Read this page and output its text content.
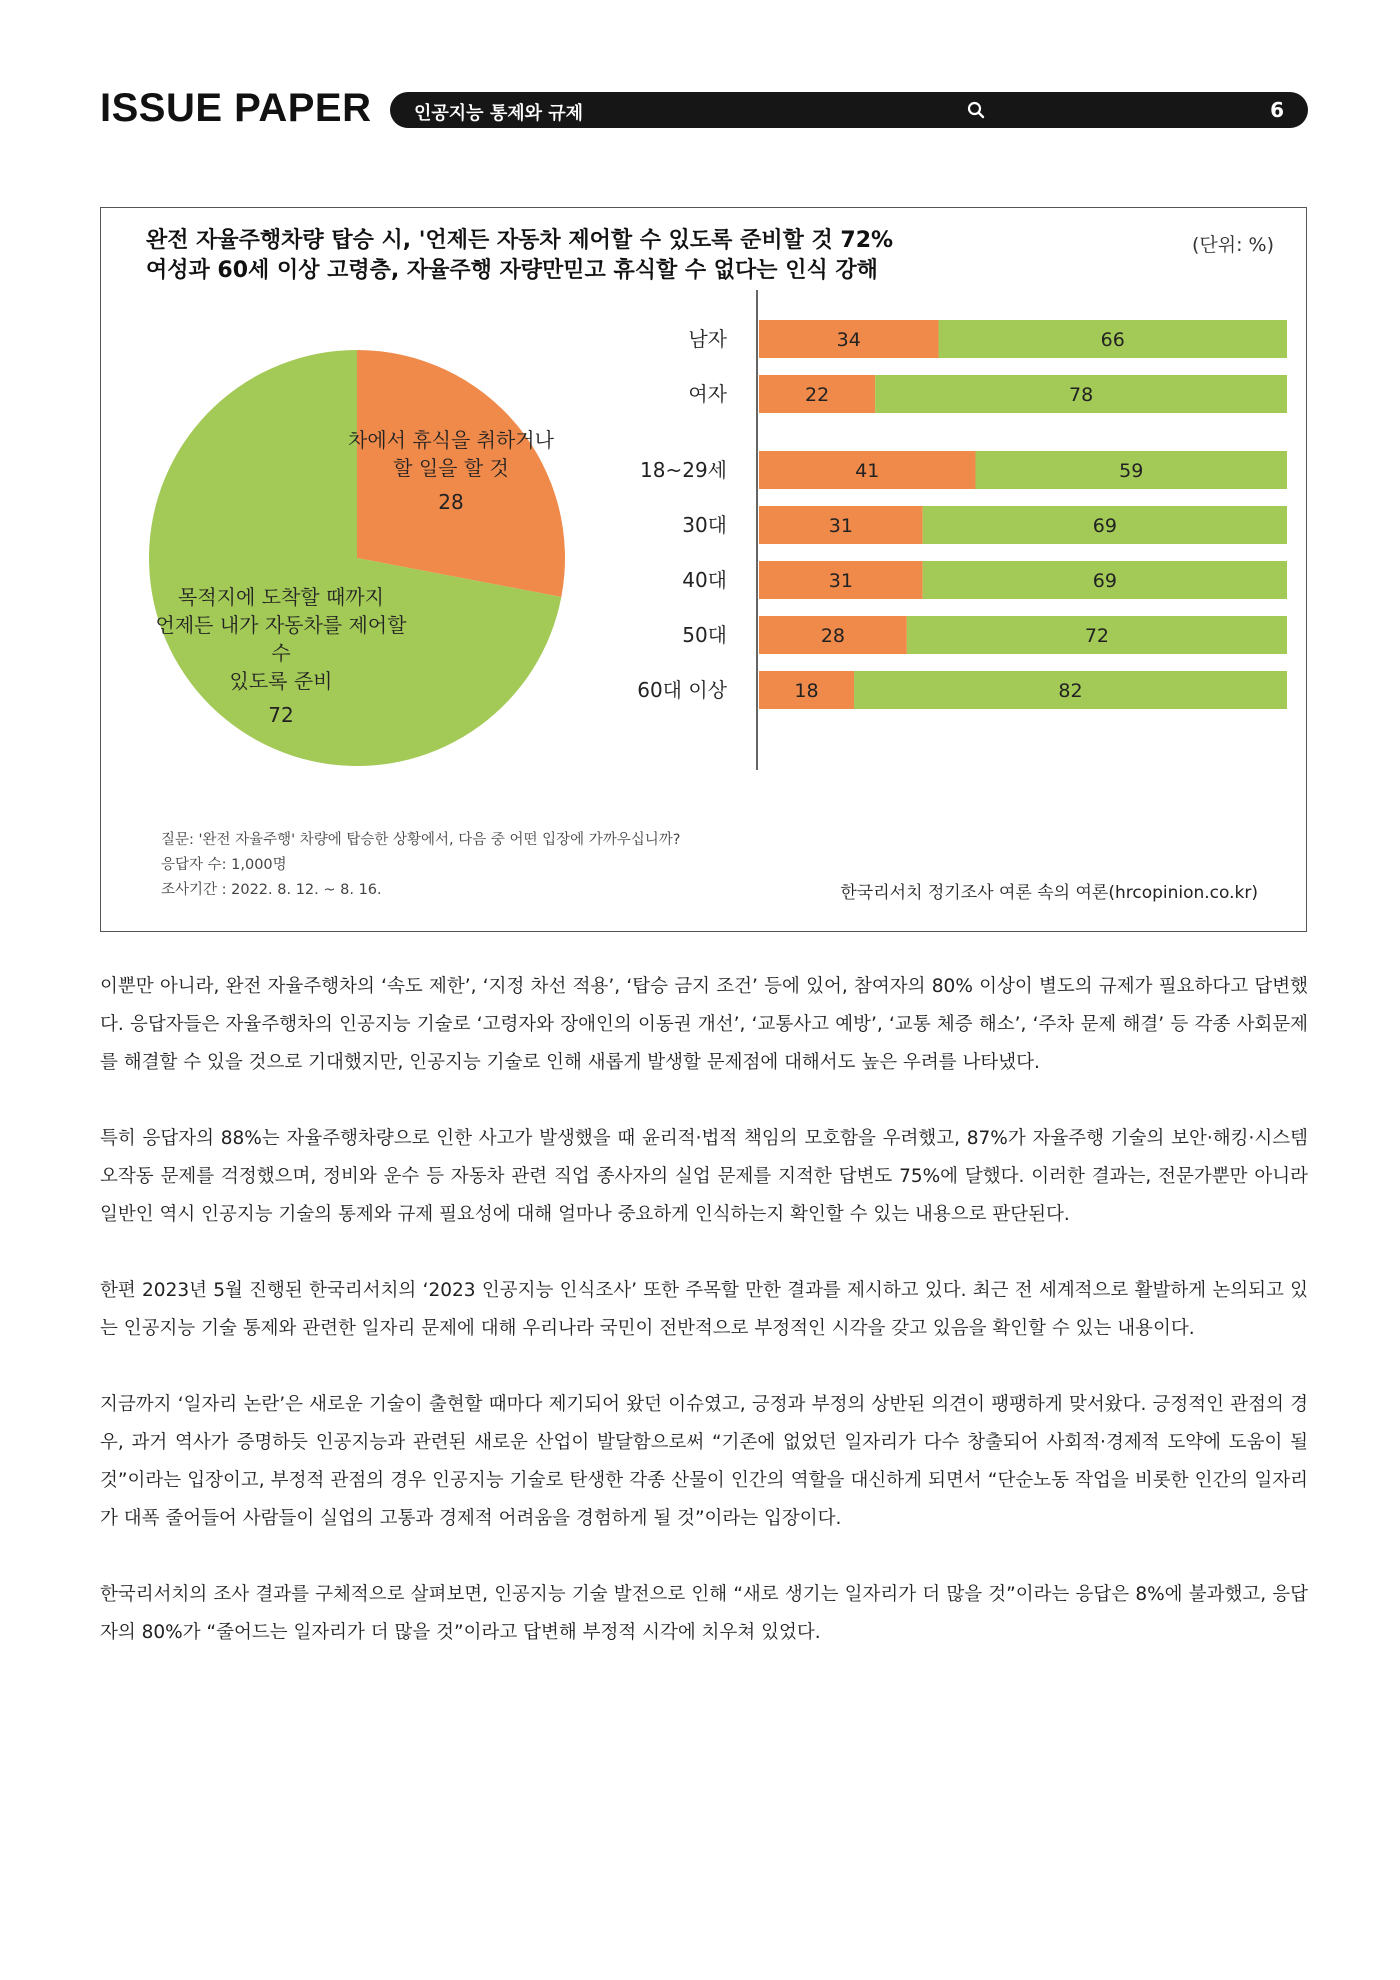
ISSUE PAPER 인공지능 통제와 규제	6
완전 자율주행차량 탑승 시, '언제든 자동차 제어할 수 있도록 준비할 것 72%
여성과 60세 이상 고령층, 자율주행 자량만믿고 휴식할 수 없다는 인식 강해
(단위: %)
차에서 휴식을 취하거나
할 일을 할 것
28
목적지에 도착할 때까지
언제든 내가 자동차를 제어할 수
있도록 준비
72
남자	34	66
여자	22	78
18~29세	41	59
30대	31	69
40대	31	69
50대	28	72
60대 이상	18	82
질문: '완전 자율주행' 차량에 탑승한 상황에서, 다음 중 어떤 입장에 가까우십니까?
응답자 수: 1,000명
조사기간 : 2022. 8. 12. ~ 8. 16.	한국리서치 정기조사 여론 속의 여론(hrcopinion.co.kr)

이뿐만 아니라, 완전 자율주행차의 ‘속도 제한’, ‘지정 차선 적용’, ‘탑승 금지 조건’ 등에 있어, 참여자의 80% 이상이 별도의 규제가 필요하다고 답변했다. 응답자들은 자율주행차의 인공지능 기술로 ‘고령자와 장애인의 이동권 개선’, ‘교통사고 예방’, ‘교통 체증 해소’, ‘주차 문제 해결’ 등 각종 사회문제를 해결할 수 있을 것으로 기대했지만, 인공지능 기술로 인해 새롭게 발생할 문제점에 대해서도 높은 우려를 나타냈다.

특히 응답자의 88%는 자율주행차량으로 인한 사고가 발생했을 때 윤리적·법적 책임의 모호함을 우려했고, 87%가 자율주행 기술의 보안·해킹·시스템 오작동 문제를 걱정했으며, 정비와 운수 등 자동차 관련 직업 종사자의 실업 문제를 지적한 답변도 75%에 달했다. 이러한 결과는, 전문가뿐만 아니라 일반인 역시 인공지능 기술의 통제와 규제 필요성에 대해 얼마나 중요하게 인식하는지 확인할 수 있는 내용으로 판단된다.

한편 2023년 5월 진행된 한국리서치의 ‘2023 인공지능 인식조사’ 또한 주목할 만한 결과를 제시하고 있다. 최근 전 세계적으로 활발하게 논의되고 있는 인공지능 기술 통제와 관련한 일자리 문제에 대해 우리나라 국민이 전반적으로 부정적인 시각을 갖고 있음을 확인할 수 있는 내용이다.

지금까지 ‘일자리 논란’은 새로운 기술이 출현할 때마다 제기되어 왔던 이슈였고, 긍정과 부정의 상반된 의견이 팽팽하게 맞서왔다. 긍정적인 관점의 경우, 과거 역사가 증명하듯 인공지능과 관련된 새로운 산업이 발달함으로써 “기존에 없었던 일자리가 다수 창출되어 사회적·경제적 도약에 도움이 될 것”이라는 입장이고, 부정적 관점의 경우 인공지능 기술로 탄생한 각종 산물이 인간의 역할을 대신하게 되면서 “단순노동 작업을 비롯한 인간의 일자리가 대폭 줄어들어 사람들이 실업의 고통과 경제적 어려움을 경험하게 될 것”이라는 입장이다.

한국리서치의 조사 결과를 구체적으로 살펴보면, 인공지능 기술 발전으로 인해 “새로 생기는 일자리가 더 많을 것”이라는 응답은 8%에 불과했고, 응답자의 80%가 “줄어드는 일자리가 더 많을 것”이라고 답변해 부정적 시각에 치우쳐 있었다.
